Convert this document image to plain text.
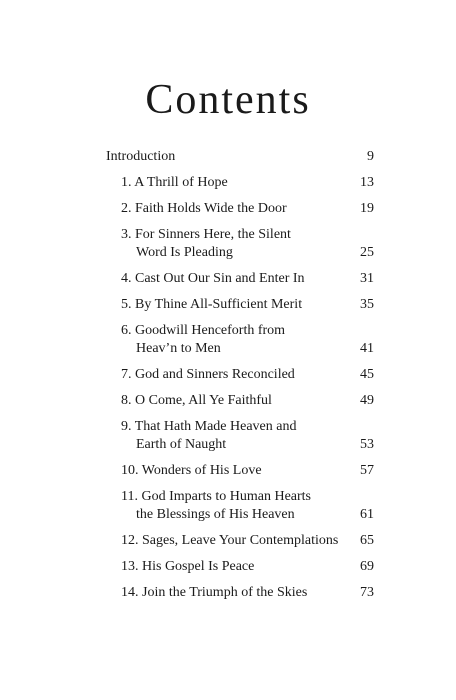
Contents
Introduction	9
1. A Thrill of Hope	13
2. Faith Holds Wide the Door	19
3. For Sinners Here, the Silent
Word Is Pleading	25
4. Cast Out Our Sin and Enter In	31
5. By Thine All-Sufficient Merit	35
6. Goodwill Henceforth from
Heav’n to Men	41
7. God and Sinners Reconciled	45
8. O Come, All Ye Faithful	49
9. That Hath Made Heaven and
Earth of Naught	53
10. Wonders of His Love	57
11. God Imparts to Human Hearts
the Blessings of His Heaven	61
12. Sages, Leave Your Contemplations	65
13. His Gospel Is Peace	69
14. Join the Triumph of the Skies	73
